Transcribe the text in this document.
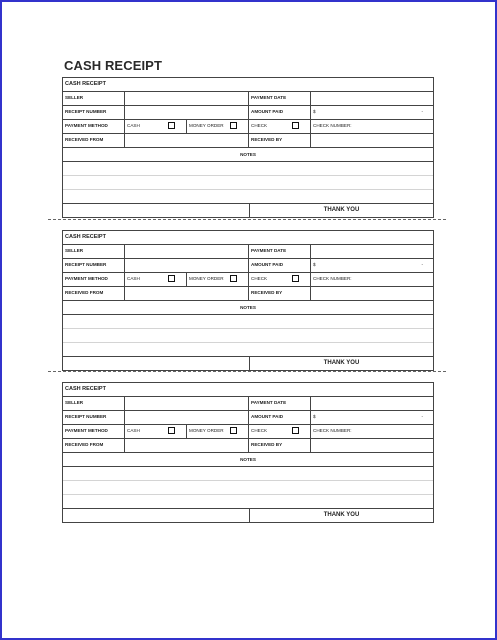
CASH RECEIPT
CASH RECEIPT
SELLER	PAYMENT DATE
RECEIPT NUMBER	AMOUNT PAID	$	-
PAYMENT METHOD	CASH	MONEY ORDER	CHECK	CHECK NUMBER:
RECEIVED FROM	RECEIVED BY
NOTES
THANK YOU
CASH RECEIPT
SELLER	PAYMENT DATE
RECEIPT NUMBER	AMOUNT PAID	$	-
PAYMENT METHOD	CASH	MONEY ORDER	CHECK	CHECK NUMBER:
RECEIVED FROM	RECEIVED BY
NOTES
THANK YOU
CASH RECEIPT
SELLER	PAYMENT DATE
RECEIPT NUMBER	AMOUNT PAID	$	-
PAYMENT METHOD	CASH	MONEY ORDER	CHECK	CHECK NUMBER:
RECEIVED FROM	RECEIVED BY
NOTES
THANK YOU
